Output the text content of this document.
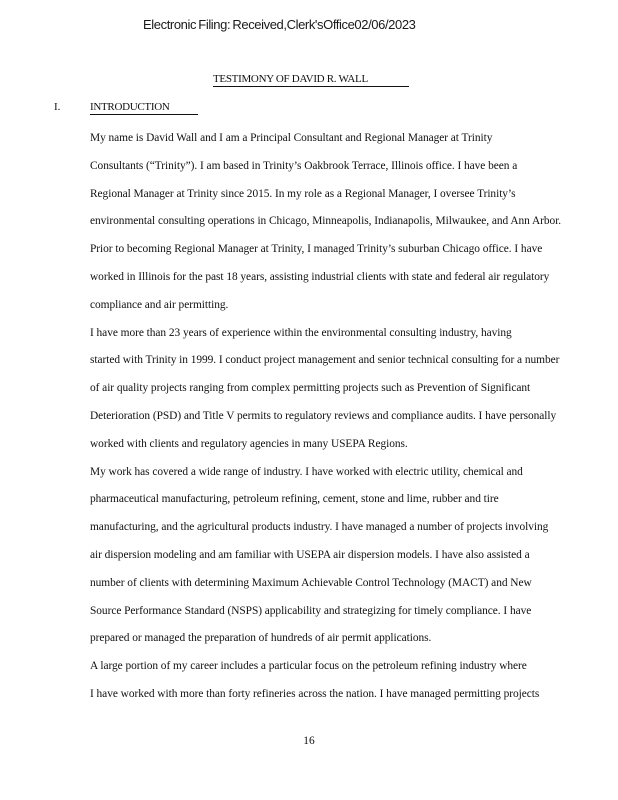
Electronic Filing: Received,Clerk'sOffice02/06/2023
TESTIMONY OF DAVID R. WALL
I.	INTRODUCTION

My name is David Wall and I am a Principal Consultant and Regional Manager at Trinity
Consultants (“Trinity”). I am based in Trinity’s Oakbrook Terrace, Illinois office. I have been a
Regional Manager at Trinity since 2015. In my role as a Regional Manager, I oversee Trinity’s
environmental consulting operations in Chicago, Minneapolis, Indianapolis, Milwaukee, and Ann Arbor.
Prior to becoming Regional Manager at Trinity, I managed Trinity’s suburban Chicago office. I have
worked in Illinois for the past 18 years, assisting industrial clients with state and federal air regulatory
compliance and air permitting.

I have more than 23 years of experience within the environmental consulting industry, having
started with Trinity in 1999. I conduct project management and senior technical consulting for a number
of air quality projects ranging from complex permitting projects such as Prevention of Significant
Deterioration (PSD) and Title V permits to regulatory reviews and compliance audits. I have personally
worked with clients and regulatory agencies in many USEPA Regions.

My work has covered a wide range of industry. I have worked with electric utility, chemical and
pharmaceutical manufacturing, petroleum refining, cement, stone and lime, rubber and tire
manufacturing, and the agricultural products industry. I have managed a number of projects involving
air dispersion modeling and am familiar with USEPA air dispersion models. I have also assisted a
number of clients with determining Maximum Achievable Control Technology (MACT) and New
Source Performance Standard (NSPS) applicability and strategizing for timely compliance. I have
prepared or managed the preparation of hundreds of air permit applications.

A large portion of my career includes a particular focus on the petroleum refining industry where
I have worked with more than forty refineries across the nation. I have managed permitting projects

16
